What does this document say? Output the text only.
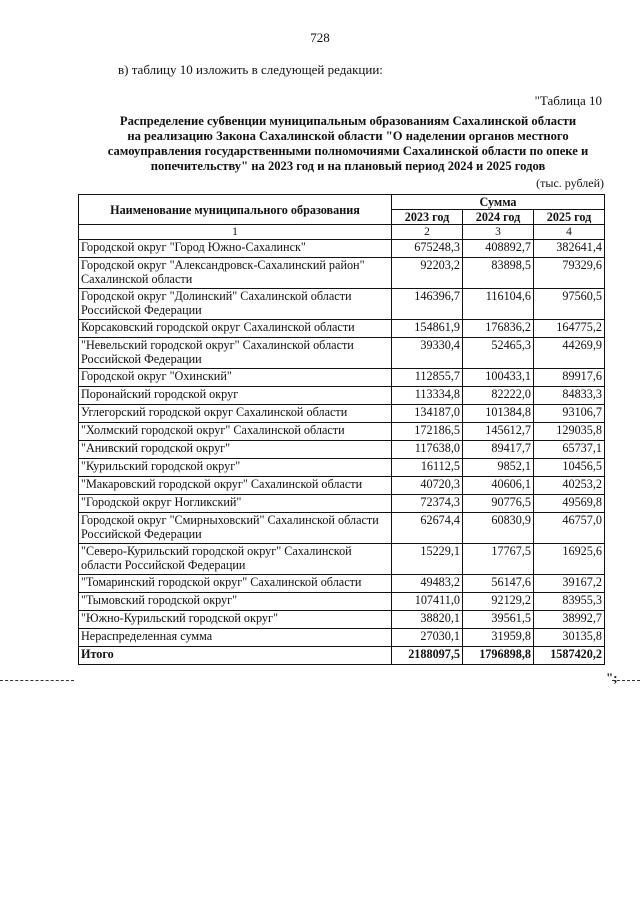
728
в) таблицу 10 изложить в следующей редакции:
"Таблица 10
Распределение субвенции муниципальным образованиям Сахалинской области
на реализацию Закона Сахалинской области "О наделении органов местного
самоуправления государственными полномочиями Сахалинской области по опеке и
попечительству" на 2023 год и на плановый период 2024 и 2025 годов
(тыс. рублей)
Наименование муниципального образования	Сумма		
	2023 год	2024 год	2025 год
1	2	3	4
Городской округ "Город Южно-Сахалинск"	675248,3	408892,7	382641,4
Городской округ "Александровск-Сахалинский район" Сахалинской области	92203,2	83898,5	79329,6
Городской округ "Долинский" Сахалинской области Российской Федерации	146396,7	116104,6	97560,5
Корсаковский городской округ Сахалинской области	154861,9	176836,2	164775,2
"Невельский городской округ" Сахалинской области Российской Федерации	39330,4	52465,3	44269,9
Городской округ "Охинский"	112855,7	100433,1	89917,6
Поронайский городской округ	113334,8	82222,0	84833,3
Углегорский городской округ Сахалинской области	134187,0	101384,8	93106,7
"Холмский городской округ" Сахалинской области	172186,5	145612,7	129035,8
"Анивский городской округ"	117638,0	89417,7	65737,1
"Курильский городской округ"	16112,5	9852,1	10456,5
"Макаровский городской округ" Сахалинской области	40720,3	40606,1	40253,2
"Городской округ Ногликский"	72374,3	90776,5	49569,8
Городской округ "Смирныховский" Сахалинской области Российской Федерации	62674,4	60830,9	46757,0
"Северо-Курильский городской округ" Сахалинской области Российской Федерации	15229,1	17767,5	16925,6
"Томаринский городской округ" Сахалинской области	49483,2	56147,6	39167,2
"Тымовский городской округ"	107411,0	92129,2	83955,3
"Южно-Курильский городской округ"	38820,1	39561,5	38992,7
Нераспределенная сумма	27030,1	31959,8	30135,8
Итого	2188097,5	1796898,8	1587420,2
";
